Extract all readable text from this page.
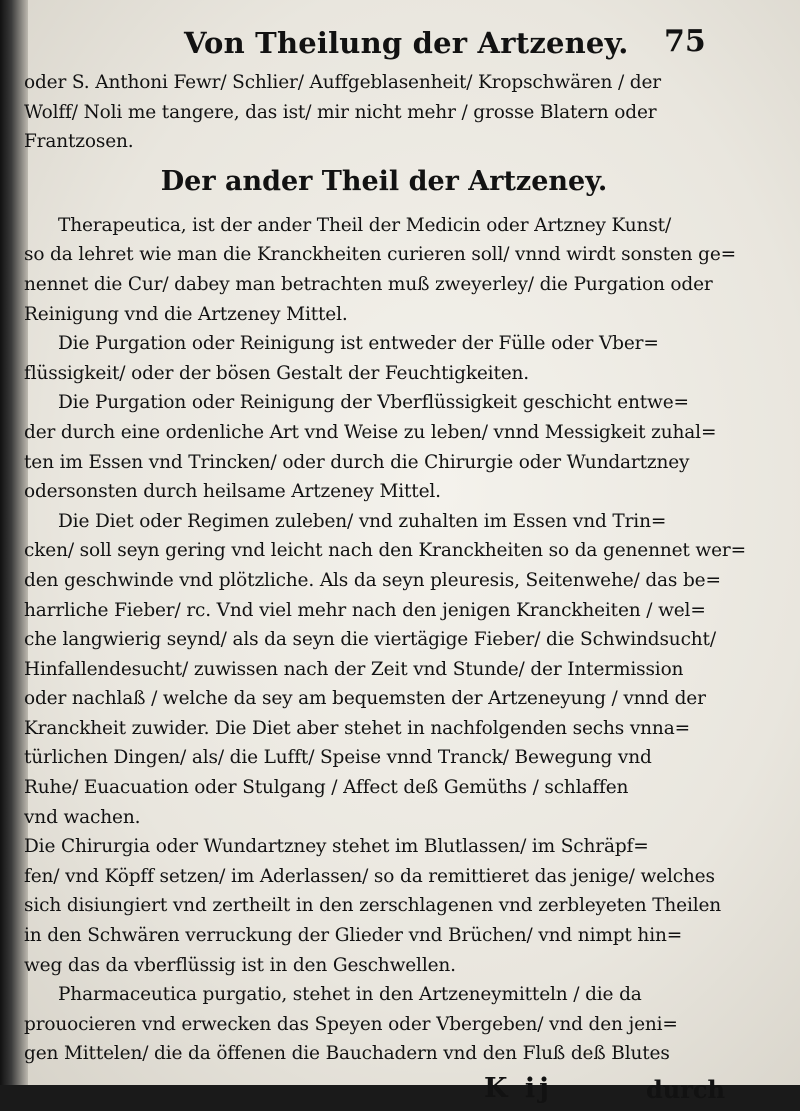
Von Theilung der Artzeney. 75
oder S. Anthoni Fewr/ Schlier/ Auffgeblasenheit/ Kropschwären / der
Wolff/ Noli me tangere, das ist/ mir nicht mehr / grosse Blatern oder
Frantzosen.
Der ander Theil der Artzeney.
Therapeutica, ist der ander Theil der Medicin oder Artzney Kunst/
so da lehret wie man die Kranckheiten curieren soll/ vnnd wirdt sonsten ge=
nennet die Cur/ dabey man betrachten muß zweyerley/ die Purgation oder
Reinigung vnd die Artzeney Mittel.
Die Purgation oder Reinigung ist entweder der Fülle oder Vber=
flüssigkeit/ oder der bösen Gestalt der Feuchtigkeiten.
Die Purgation oder Reinigung der Vberflüssigkeit geschicht entwe=
der durch eine ordenliche Art vnd Weise zu leben/ vnnd Messigkeit zuhal=
ten im Essen vnd Trincken/ oder durch die Chirurgie oder Wundartzney
odersonsten durch heilsame Artzeney Mittel.
Die Diet oder Regimen zuleben/ vnd zuhalten im Essen vnd Trin=
cken/ soll seyn gering vnd leicht nach den Kranckheiten so da genennet wer=
den geschwinde vnd plötzliche. Als da seyn pleuresis, Seitenwehe/ das be=
harrliche Fieber/ rc. Vnd viel mehr nach den jenigen Kranckheiten / wel=
che langwierig seynd/ als da seyn die viertägige Fieber/ die Schwindsucht/
Hinfallendesucht/ zuwissen nach der Zeit vnd Stunde/ der Intermission
oder nachlaß / welche da sey am bequemsten der Artzeneyung / vnnd der
Kranckheit zuwider. Die Diet aber stehet in nachfolgenden sechs vnna=
türlichen Dingen/ als/ die Lufft/ Speise vnnd Tranck/ Bewegung vnd
Ruhe/ Euacuation oder Stulgang / Affect deß Gemüths / schlaffen
vnd wachen.
Die Chirurgia oder Wundartzney stehet im Blutlassen/ im Schräpf=
fen/ vnd Köpff setzen/ im Aderlassen/ so da remittieret das jenige/ welches
sich disiungiert vnd zertheilt in den zerschlagenen vnd zerbleyeten Theilen
in den Schwären verruckung der Glieder vnd Brüchen/ vnd nimpt hin=
weg das da vberflüssig ist in den Geschwellen.
Pharmaceutica purgatio, stehet in den Artzeneymitteln / die da
prouocieren vnd erwecken das Speyen oder Vbergeben/ vnd den jeni=
gen Mittelen/ die da öffenen die Bauchadern vnd den Fluß deß Blutes
K ij	durch
